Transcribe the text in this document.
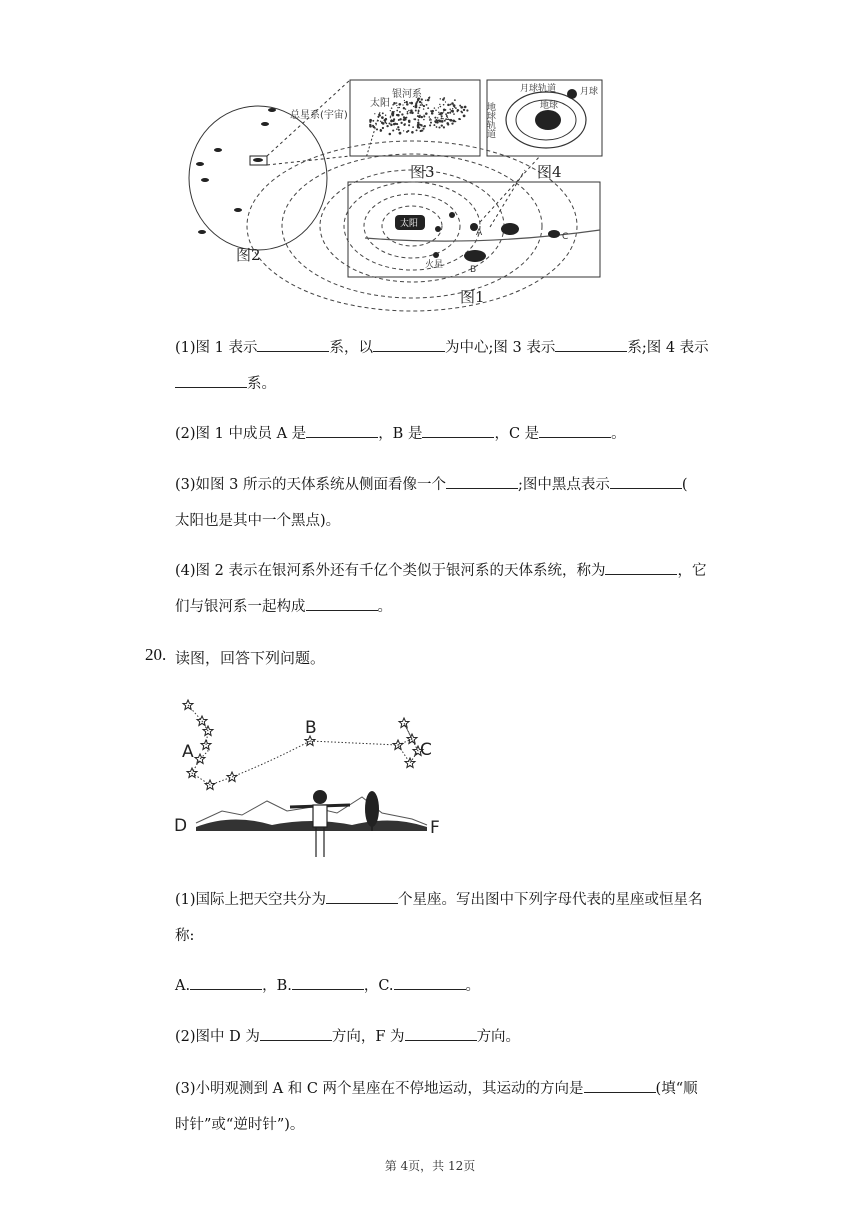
总星系(宇宙)
太阳
银河系	月球轨道	月球
地球轨道	地球
太阳
A
B
C
火星
图2
图3	图4
图1
(1)图 1 表示	系，以	为中心;图 3 表示	系;图 4 表示
系。
(2)图 1 中成员 A 是	，B 是	，C 是	。
(3)如图 3 所示的天体系统从侧面看像一个	;图中黑点表示	(
太阳也是其中一个黑点)。
(4)图 2 表示在银河系外还有千亿个类似于银河系的天体系统，称为	，它
们与银河系一起构成	。
20. 读图，回答下列问题。
A
B
C
D	F
(1)国际上把天空共分为	个星座。写出图中下列字母代表的星座或恒星名
称:
A.	，B.	，C.	。
(2)图中 D 为	方向，F 为	方向。
(3)小明观测到 A 和 C 两个星座在不停地运动，其运动的方向是	(填“顺
时针”或“逆时针”)。
第 4页，共 12页
